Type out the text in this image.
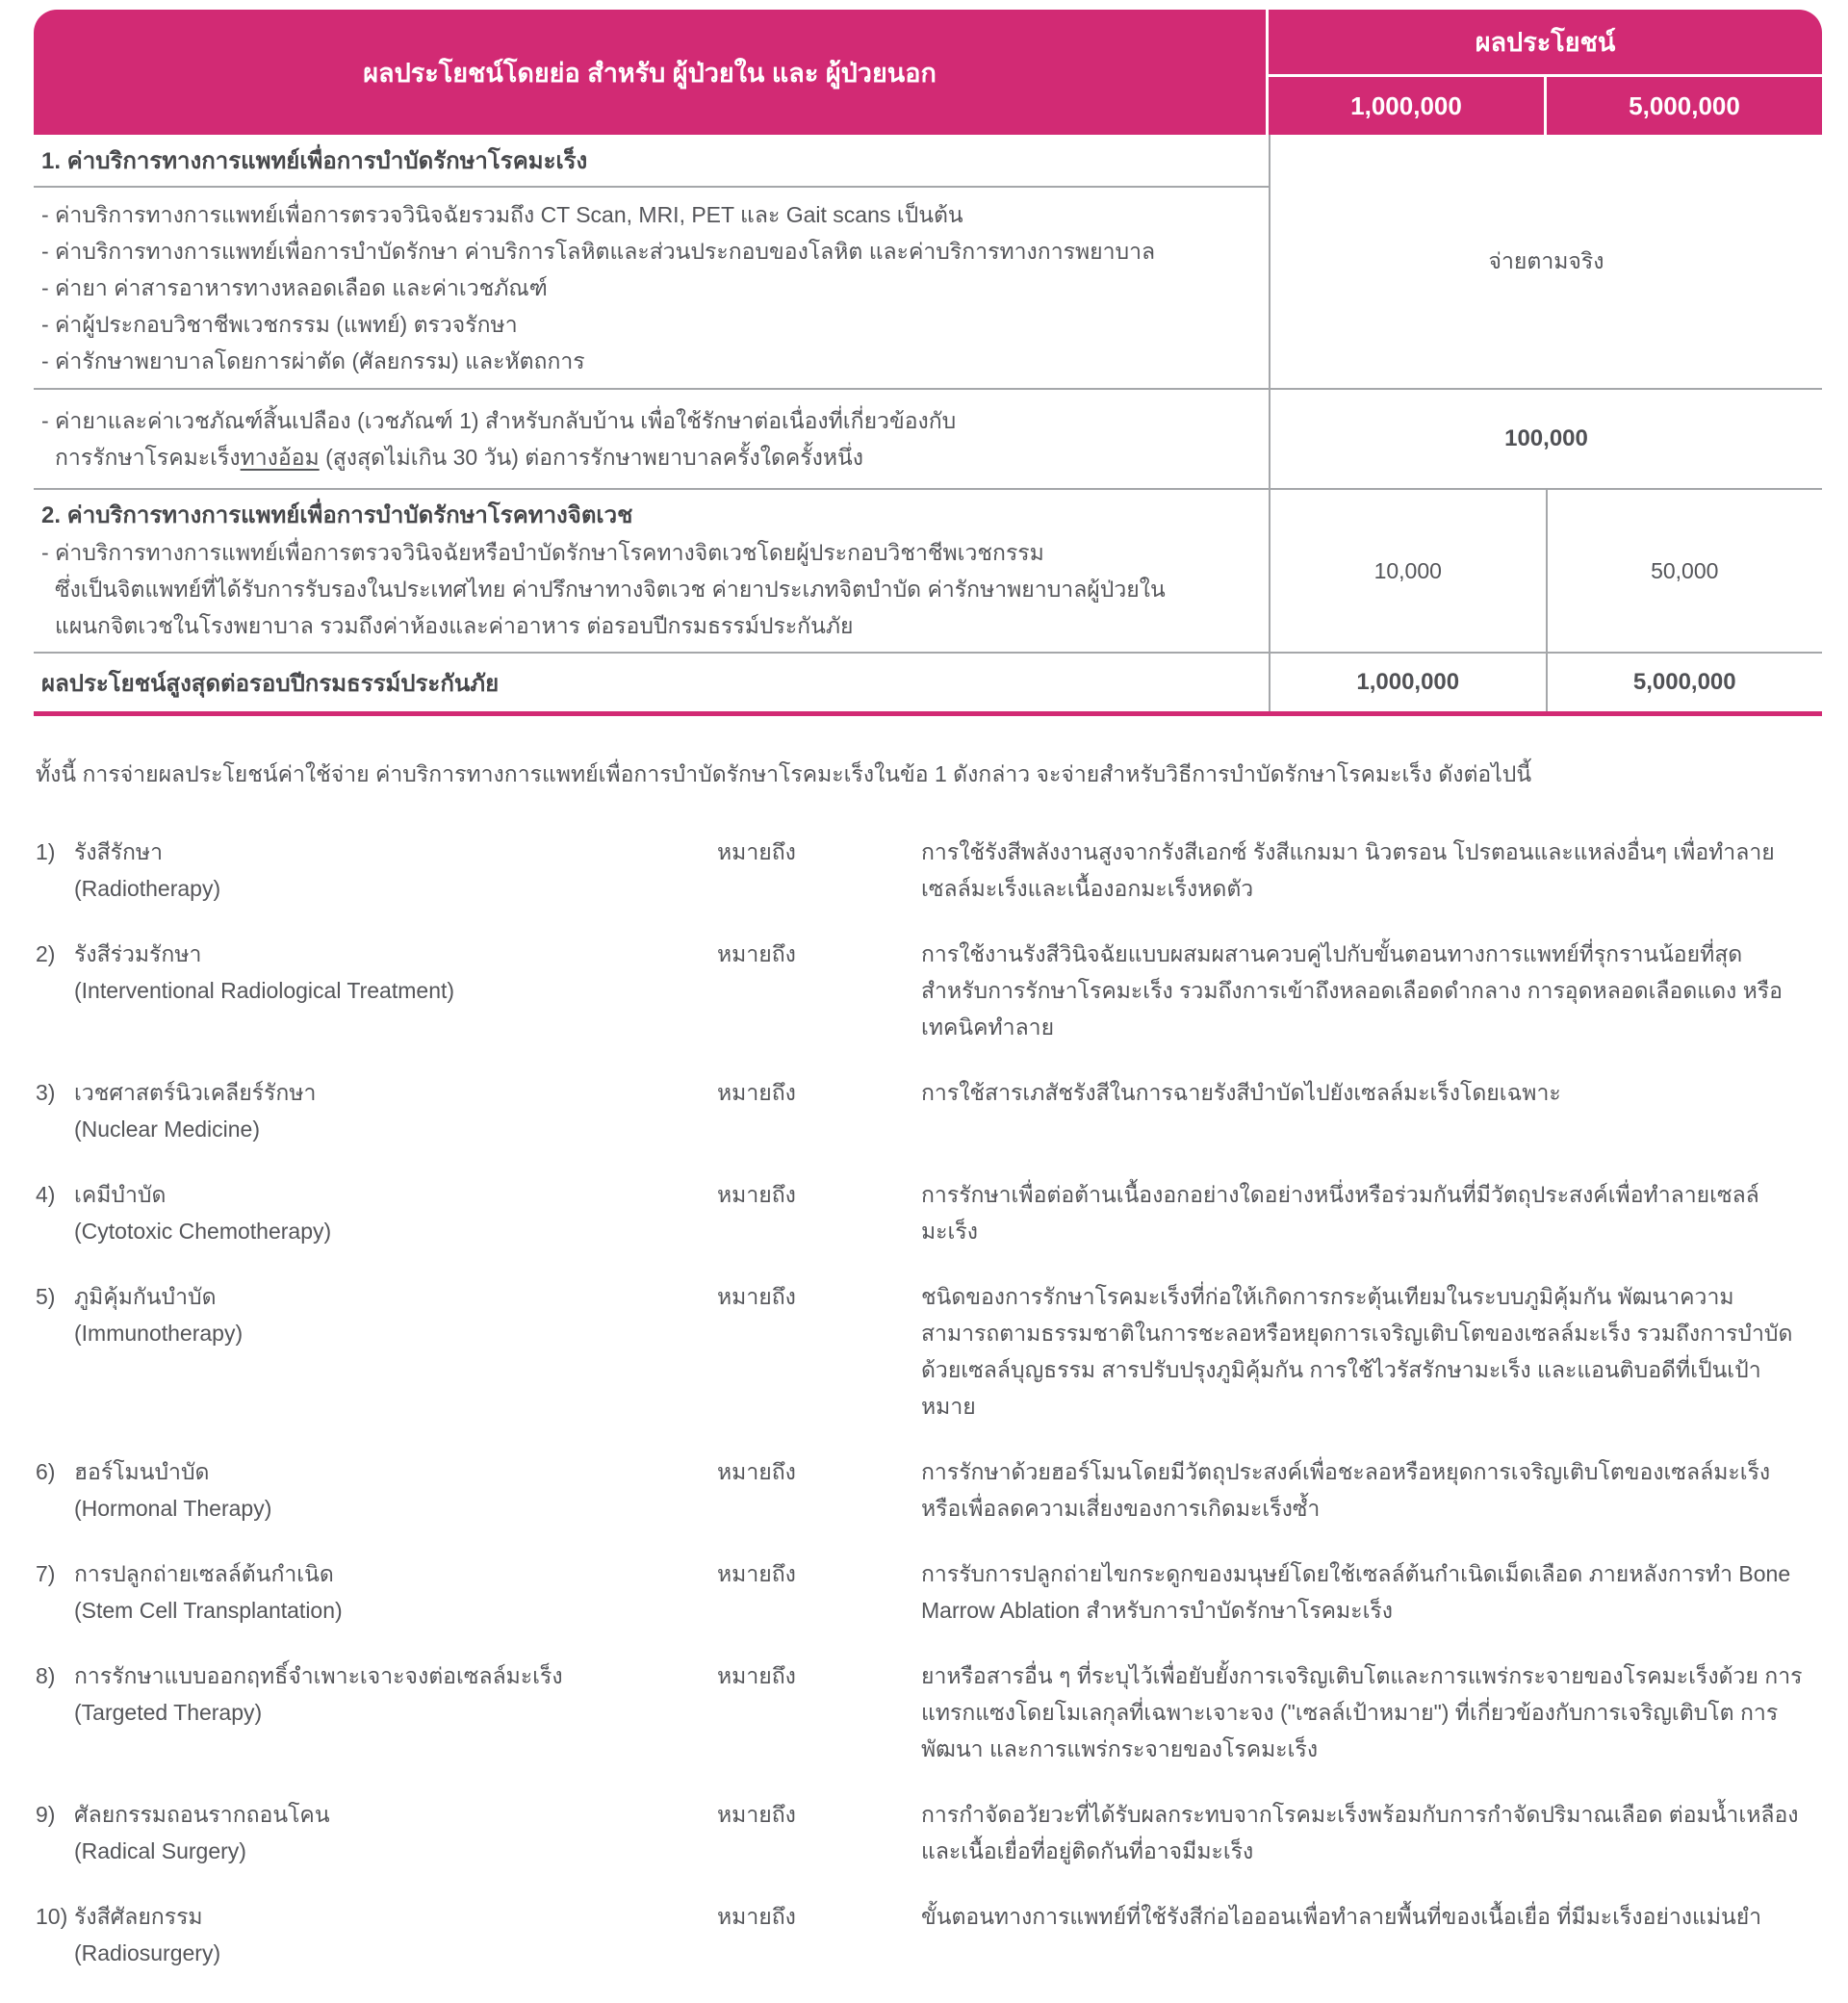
ผลประโยชน์โดยย่อ สำหรับ ผู้ป่วยใน และ ผู้ป่วยนอก
ผลประโยชน์
1,000,000	5,000,000
1. ค่าบริการทางการแพทย์เพื่อการบำบัดรักษาโรคมะเร็ง
- ค่าบริการทางการแพทย์เพื่อการตรวจวินิจฉัยรวมถึง CT Scan, MRI, PET และ Gait scans เป็นต้น
- ค่าบริการทางการแพทย์เพื่อการบำบัดรักษา ค่าบริการโลหิตและส่วนประกอบของโลหิต และค่าบริการทางการพยาบาล
- ค่ายา ค่าสารอาหารทางหลอดเลือด และค่าเวชภัณฑ์
- ค่าผู้ประกอบวิชาชีพเวชกรรม (แพทย์) ตรวจรักษา
- ค่ารักษาพยาบาลโดยการผ่าตัด (ศัลยกรรม) และหัตถการ
จ่ายตามจริง
- ค่ายาและค่าเวชภัณฑ์สิ้นเปลือง (เวชภัณฑ์ 1) สำหรับกลับบ้าน เพื่อใช้รักษาต่อเนื่องที่เกี่ยวข้องกับ
การรักษาโรคมะเร็งทางอ้อม (สูงสุดไม่เกิน 30 วัน) ต่อการรักษาพยาบาลครั้งใดครั้งหนึ่ง
100,000
2. ค่าบริการทางการแพทย์เพื่อการบำบัดรักษาโรคทางจิตเวช
- ค่าบริการทางการแพทย์เพื่อการตรวจวินิจฉัยหรือบำบัดรักษาโรคทางจิตเวชโดยผู้ประกอบวิชาชีพเวชกรรม
ซึ่งเป็นจิตแพทย์ที่ได้รับการรับรองในประเทศไทย ค่าปรึกษาทางจิตเวช ค่ายาประเภทจิตบำบัด ค่ารักษาพยาบาลผู้ป่วยใน
แผนกจิตเวชในโรงพยาบาล รวมถึงค่าห้องและค่าอาหาร ต่อรอบปีกรมธรรม์ประกันภัย
10,000	50,000
ผลประโยชน์สูงสุดต่อรอบปีกรมธรรม์ประกันภัย	1,000,000	5,000,000
ทั้งนี้ การจ่ายผลประโยชน์ค่าใช้จ่าย ค่าบริการทางการแพทย์เพื่อการบำบัดรักษาโรคมะเร็งในข้อ 1 ดังกล่าว จะจ่ายสำหรับวิธีการบำบัดรักษาโรคมะเร็ง ดังต่อไปนี้
1) รังสีรักษา
(Radiotherapy)
หมายถึง	การใช้รังสีพลังงานสูงจากรังสีเอกซ์ รังสีแกมมา นิวตรอน โปรตอนและแหล่งอื่นๆ เพื่อทำลายเซลล์มะเร็งและเนื้องอกมะเร็งหดตัว
2) รังสีร่วมรักษา
(Interventional Radiological Treatment)
หมายถึง	การใช้งานรังสีวินิจฉัยแบบผสมผสานควบคู่ไปกับขั้นตอนทางการแพทย์ที่รุกรานน้อยที่สุด สำหรับการรักษาโรคมะเร็ง รวมถึงการเข้าถึงหลอดเลือดดำกลาง การอุดหลอดเลือดแดง หรือเทคนิคทำลาย
3) เวชศาสตร์นิวเคลียร์รักษา
(Nuclear Medicine)
หมายถึง	การใช้สารเภสัชรังสีในการฉายรังสีบำบัดไปยังเซลล์มะเร็งโดยเฉพาะ
4) เคมีบำบัด
(Cytotoxic Chemotherapy)
หมายถึง	การรักษาเพื่อต่อต้านเนื้องอกอย่างใดอย่างหนึ่งหรือร่วมกันที่มีวัตถุประสงค์เพื่อทำลายเซลล์มะเร็ง
5) ภูมิคุ้มกันบำบัด
(Immunotherapy)
หมายถึง	ชนิดของการรักษาโรคมะเร็งที่ก่อให้เกิดการกระตุ้นเทียมในระบบภูมิคุ้มกัน พัฒนาความสามารถตามธรรมชาติในการชะลอหรือหยุดการเจริญเติบโตของเซลล์มะเร็ง รวมถึงการบำบัดด้วยเซลล์บุญธรรม สารปรับปรุงภูมิคุ้มกัน การใช้ไวรัสรักษามะเร็ง และแอนติบอดีที่เป็นเป้าหมาย
6) ฮอร์โมนบำบัด
(Hormonal Therapy)
หมายถึง	การรักษาด้วยฮอร์โมนโดยมีวัตถุประสงค์เพื่อชะลอหรือหยุดการเจริญเติบโตของเซลล์มะเร็ง หรือเพื่อลดความเสี่ยงของการเกิดมะเร็งซ้ำ
7) การปลูกถ่ายเซลล์ต้นกำเนิด
(Stem Cell Transplantation)
หมายถึง	การรับการปลูกถ่ายไขกระดูกของมนุษย์โดยใช้เซลล์ต้นกำเนิดเม็ดเลือด ภายหลังการทำ Bone Marrow Ablation สำหรับการบำบัดรักษาโรคมะเร็ง
8) การรักษาแบบออกฤทธิ์จำเพาะเจาะจงต่อเซลล์มะเร็ง
(Targeted Therapy)
หมายถึง	ยาหรือสารอื่น ๆ ที่ระบุไว้เพื่อยับยั้งการเจริญเติบโตและการแพร่กระจายของโรคมะเร็งด้วย การแทรกแซงโดยโมเลกุลที่เฉพาะเจาะจง ("เซลล์เป้าหมาย") ที่เกี่ยวข้องกับการเจริญเติบโต การพัฒนา และการแพร่กระจายของโรคมะเร็ง
9) ศัลยกรรมถอนรากถอนโคน
(Radical Surgery)
หมายถึง	การกำจัดอวัยวะที่ได้รับผลกระทบจากโรคมะเร็งพร้อมกับการกำจัดปริมาณเลือด ต่อมน้ำเหลือง และเนื้อเยื่อที่อยู่ติดกันที่อาจมีมะเร็ง
10) รังสีศัลยกรรม
(Radiosurgery)
หมายถึง	ขั้นตอนทางการแพทย์ที่ใช้รังสีก่อไอออนเพื่อทำลายพื้นที่ของเนื้อเยื่อ ที่มีมะเร็งอย่างแม่นยำ
